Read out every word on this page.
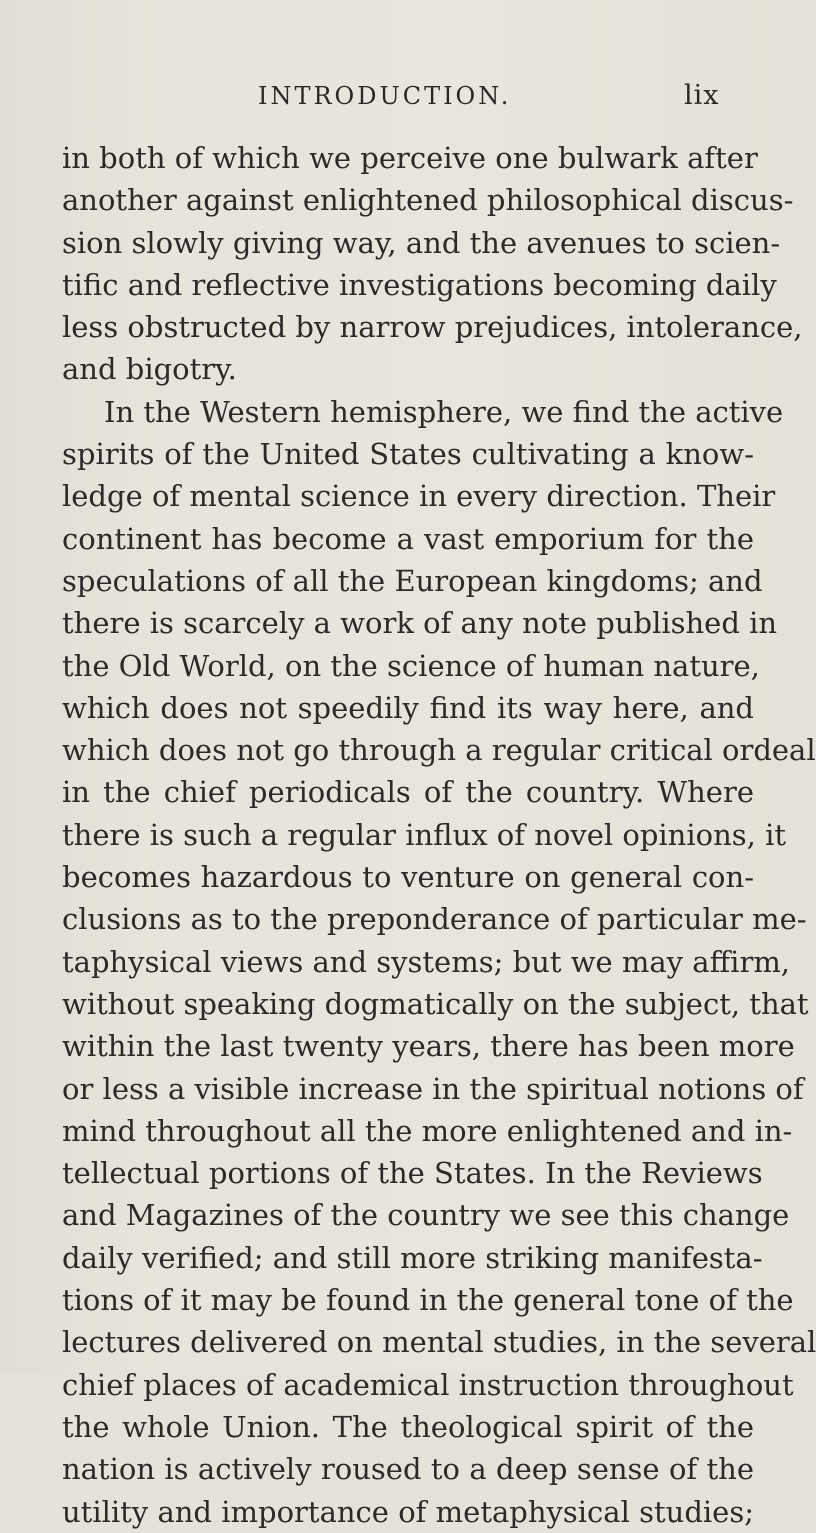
INTRODUCTION.	lix
in both of which we perceive one bulwark after
another against enlightened philosophical discus-
sion slowly giving way, and the avenues to scien-
tific and reflective investigations becoming daily
less obstructed by narrow prejudices, intolerance,
and bigotry.
In the Western hemisphere, we find the active
spirits of the United States cultivating a know-
ledge of mental science in every direction. Their
continent has become a vast emporium for the
speculations of all the European kingdoms; and
there is scarcely a work of any note published in
the Old World, on the science of human nature,
which does not speedily find its way here, and
which does not go through a regular critical ordeal
in the chief periodicals of the country. Where
there is such a regular influx of novel opinions, it
becomes hazardous to venture on general con-
clusions as to the preponderance of particular me-
taphysical views and systems; but we may affirm,
without speaking dogmatically on the subject, that
within the last twenty years, there has been more
or less a visible increase in the spiritual notions of
mind throughout all the more enlightened and in-
tellectual portions of the States. In the Reviews
and Magazines of the country we see this change
daily verified; and still more striking manifesta-
tions of it may be found in the general tone of the
lectures delivered on mental studies, in the several
chief places of academical instruction throughout
the whole Union. The theological spirit of the
nation is actively roused to a deep sense of the
utility and importance of metaphysical studies;
